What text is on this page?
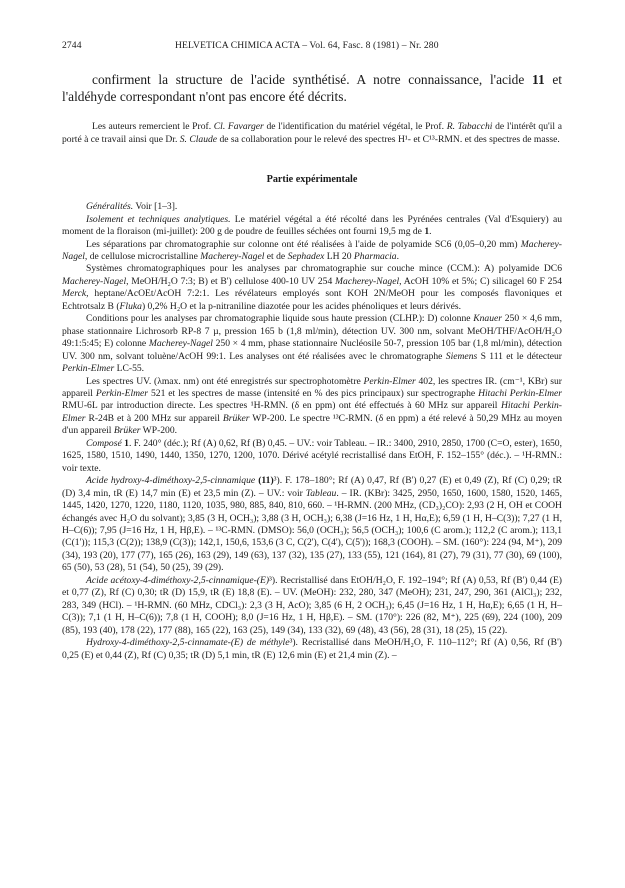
2744	HELVETICA CHIMICA ACTA – Vol. 64, Fasc. 8 (1981) – Nr. 280

confirment la structure de l'acide synthétisé. A notre connaissance, l'acide 11 et l'aldéhyde correspondant n'ont pas encore été décrits.

Les auteurs remercient le Prof. Cl. Favarger de l'identification du matériel végétal, le Prof. R. Tabacchi de l'intérêt qu'il a porté à ce travail ainsi que Dr. S. Claude de sa collaboration pour le relevé des spectres H¹- et C¹³-RMN. et des spectres de masse.

Partie expérimentale

Généralités. Voir [1–3].

Isolement et techniques analytiques. Le matériel végétal a été récolté dans les Pyrénées centrales (Val d'Esquiery) au moment de la floraison (mi-juillet): 200 g de poudre de feuilles séchées ont fourni 19,5 mg de 1.

Les séparations par chromatographie sur colonne ont été réalisées à l'aide de polyamide SC6 (0,05–0,20 mm) Macherey-Nagel, de cellulose microcristalline Macherey-Nagel et de Sephadex LH 20 Pharmacia.

Systèmes chromatographiques pour les analyses par chromatographie sur couche mince (CCM.): A) polyamide DC6 Macherey-Nagel, MeOH/H₂O 7:3; B) et B') cellulose 400-10 UV 254 Macherey-Nagel, AcOH 10% et 5%; C) silicagel 60 F 254 Merck, heptane/AcOEt/AcOH 7:2:1. Les révélateurs employés sont KOH 2N/MeOH pour les composés flavoniques et Echtrotsalz B (Fluka) 0,2% H₂O et la p-nitraniline diazotée pour les acides phénoliques et leurs dérivés.

Conditions pour les analyses par chromatographie liquide sous haute pression (CLHP.): D) colonne Knauer 250 × 4,6 mm, phase stationnaire Lichrosorb RP-8 7 µ, pression 165 b (1,8 ml/min), détection UV. 300 nm, solvant MeOH/THF/AcOH/H₂O 49:1:5:45; E) colonne Macherey-Nagel 250 × 4 mm, phase stationnaire Nucléosile 50-7, pression 105 bar (1,8 ml/min), détection UV. 300 nm, solvant toluène/AcOH 99:1. Les analyses ont été réalisées avec le chromatographe Siemens S 111 et le détecteur Perkin-Elmer LC-55.

Les spectres UV. (λmax. nm) ont été enregistrés sur spectrophotomètre Perkin-Elmer 402, les spectres IR. (cm⁻¹, KBr) sur appareil Perkin-Elmer 521 et les spectres de masse (intensité en % des pics principaux) sur spectrographe Hitachi Perkin-Elmer RMU-6L par introduction directe. Les spectres ¹H-RMN. (δ en ppm) ont été effectués à 60 MHz sur appareil Hitachi Perkin-Elmer R-24B et à 200 MHz sur appareil Brüker WP-200. Le spectre ¹³C-RMN. (δ en ppm) a été relevé à 50,29 MHz au moyen d'un appareil Brüker WP-200.

Composé 1. F. 240° (déc.); Rf (A) 0,62, Rf (B) 0,45. – UV.: voir Tableau. – IR.: 3400, 2910, 2850, 1700 (C=O, ester), 1650, 1625, 1580, 1510, 1490, 1440, 1350, 1270, 1200, 1070. Dérivé acétylé recristallisé dans EtOH, F. 152–155° (déc.). – ¹H-RMN.: voir texte.

Acide hydroxy-4-diméthoxy-2,5-cinnamique (11)³). F. 178–180°; Rf (A) 0,47, Rf (B') 0,27 (E) et 0,49 (Z), Rf (C) 0,29; tR (D) 3,4 min, tR (E) 14,7 min (E) et 23,5 min (Z). – UV.: voir Tableau. – IR. (KBr): 3425, 2950, 1650, 1600, 1580, 1520, 1465, 1445, 1420, 1270, 1220, 1180, 1120, 1035, 980, 885, 840, 810, 660. – ¹H-RMN. (200 MHz, (CD₃)₂CO): 2,93 (2 H, OH et COOH échangés avec H₂O du solvant); 3,85 (3 H, OCH₃); 3,88 (3 H, OCH₃); 6,38 (J=16 Hz, 1 H, Hα,E); 6,59 (1 H, H–C(3)); 7,27 (1 H, H–C(6)); 7,95 (J=16 Hz, 1 H, Hβ,E). – ¹³C-RMN. (DMSO): 56,0 (OCH₃); 56,5 (OCH₃); 100,6 (C arom.); 112,2 (C arom.); 113,1 (C(1')); 115,3 (C(2)); 138,9 (C(3)); 142,1, 150,6, 153,6 (3 C, C(2'), C(4'), C(5')); 168,3 (COOH). – SM. (160°): 224 (94, M⁺), 209 (34), 193 (20), 177 (77), 165 (26), 163 (29), 149 (63), 137 (32), 135 (27), 133 (55), 121 (164), 81 (27), 79 (31), 77 (30), 69 (100), 65 (50), 53 (28), 51 (54), 50 (25), 39 (29).

Acide acétoxy-4-diméthoxy-2,5-cinnamique-(E)³). Recristallisé dans EtOH/H₂O, F. 192–194°; Rf (A) 0,53, Rf (B') 0,44 (E) et 0,77 (Z), Rf (C) 0,30; tR (D) 15,9, tR (E) 18,8 (E). – UV. (MeOH): 232, 280, 347 (MeOH); 231, 247, 290, 361 (AlCl₃); 232, 283, 349 (HCl). – ¹H-RMN. (60 MHz, CDCl₃): 2,3 (3 H, AcO); 3,85 (6 H, 2 OCH₃); 6,45 (J=16 Hz, 1 H, Hα,E); 6,65 (1 H, H–C(3)); 7,1 (1 H, H–C(6)); 7,8 (1 H, COOH); 8,0 (J=16 Hz, 1 H, Hβ,E). – SM. (170°): 226 (82, M⁺), 225 (69), 224 (100), 209 (85), 193 (40), 178 (22), 177 (88), 165 (22), 163 (25), 149 (34), 133 (32), 69 (48), 43 (56), 28 (31), 18 (25), 15 (22).

Hydroxy-4-diméthoxy-2,5-cinnamate-(E) de méthyle³). Recristallisé dans MeOH/H₂O, F. 110–112°; Rf (A) 0,56, Rf (B') 0,25 (E) et 0,44 (Z), Rf (C) 0,35; tR (D) 5,1 min, tR (E) 12,6 min (E) et 21,4 min (Z). –
